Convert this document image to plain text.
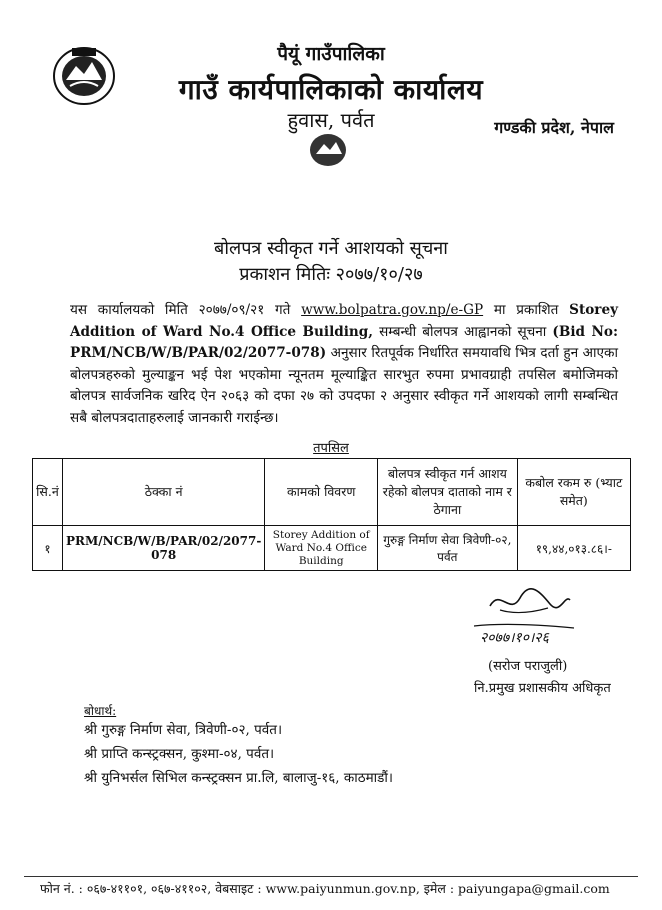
पैयूं गाउँपालिका
गाउँ कार्यपालिकाको कार्यालय
हुवास, पर्वत	गण्डकी प्रदेश, नेपाल
बोलपत्र स्वीकृत गर्ने आशयको सूचना
प्रकाशन मितिः २०७७/१०/२७
यस कार्यालयको मिति २०७७/०९/२१ गते www.bolpatra.gov.np/e-GP मा प्रकाशित Storey Addition of Ward No.4 Office Building, सम्बन्धी बोलपत्र आह्वानको सूचना (Bid No: PRM/NCB/W/B/PAR/02/2077-078) अनुसार रितपूर्वक निर्धारित समयावधि भित्र दर्ता हुन आएका बोलपत्रहरुको मुल्याङ्कन भई पेश भएकोमा न्यूनतम मूल्याङ्कित सारभुत रुपमा प्रभावग्राही तपसिल बमोजिमको बोलपत्र सार्वजनिक खरिद ऐन २०६३ को दफा २७ को उपदफा २ अनुसार स्वीकृत गर्ने आशयको लागी सम्बन्धित सबै बोलपत्रदाताहरुलाई जानकारी गराईन्छ।
तपसिल
सि.नं	ठेक्का नं	कामको विवरण	बोलपत्र स्वीकृत गर्न आशय रहेको बोलपत्र दाताको नाम र ठेगाना	कबोल रकम रु (भ्याट समेत)
१	PRM/NCB/W/B/PAR/02/2077-078	Storey Addition of Ward No.4 Office Building	गुरुङ्ग निर्माण सेवा त्रिवेणी-०२, पर्वत	१९,४४,०१३.८६।-
२०७७।१०।२६
(सरोज पराजुली)
नि.प्रमुख प्रशासकीय अधिकृत
बोधार्थ:
श्री गुरुङ्ग निर्माण सेवा, त्रिवेणी-०२, पर्वत।
श्री प्राप्ति कन्स्ट्रक्सन, कुश्मा-०४, पर्वत।
श्री युनिभर्सल सिभिल कन्स्ट्रक्सन प्रा.लि, बालाजु-१६, काठमाडौं।
फोन नं. : ०६७-४११०१, ०६७-४११०२, वेबसाइट : www.paiyunmun.gov.np, इमेल : paiyungapa@gmail.com
